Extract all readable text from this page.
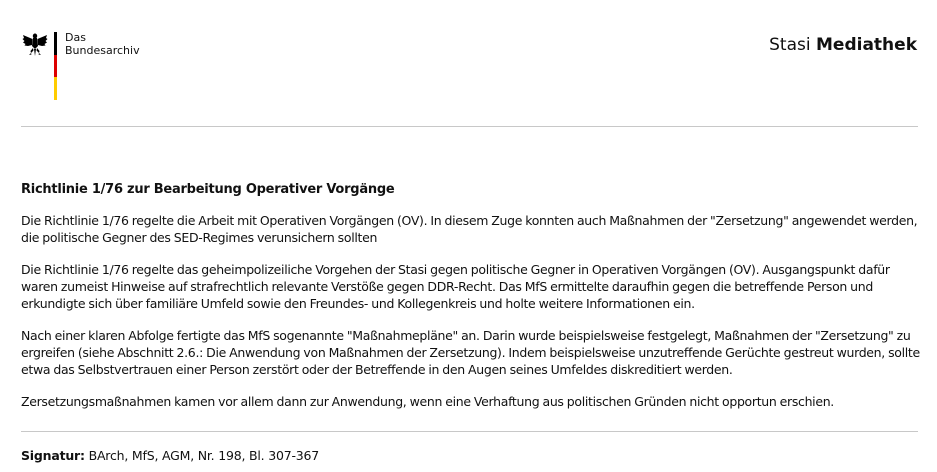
Das
Bundesarchiv	Stasi Mediathek
Richtlinie 1/76 zur Bearbeitung Operativer Vorgänge

Die Richtlinie 1/76 regelte die Arbeit mit Operativen Vorgängen (OV). In diesem Zuge konnten auch Maßnahmen der "Zersetzung" angewendet werden, die politische Gegner des SED-Regimes verunsichern sollten

Die Richtlinie 1/76 regelte das geheimpolizeiliche Vorgehen der Stasi gegen politische Gegner in Operativen Vorgängen (OV). Ausgangspunkt dafür waren zumeist Hinweise auf strafrechtlich relevante Verstöße gegen DDR-Recht. Das MfS ermittelte daraufhin gegen die betreffende Person und erkundigte sich über familiäre Umfeld sowie den Freundes- und Kollegenkreis und holte weitere Informationen ein.

Nach einer klaren Abfolge fertigte das MfS sogenannte "Maßnahmepläne" an. Darin wurde beispielsweise festgelegt, Maßnahmen der "Zersetzung" zu ergreifen (siehe Abschnitt 2.6.: Die Anwendung von Maßnahmen der Zersetzung). Indem beispielsweise unzutreffende Gerüchte gestreut wurden, sollte etwa das Selbstvertrauen einer Person zerstört oder der Betreffende in den Augen seines Umfeldes diskreditiert werden.

Zersetzungsmaßnahmen kamen vor allem dann zur Anwendung, wenn eine Verhaftung aus politischen Gründen nicht opportun erschien.

Signatur: BArch, MfS, AGM, Nr. 198, Bl. 307-367
